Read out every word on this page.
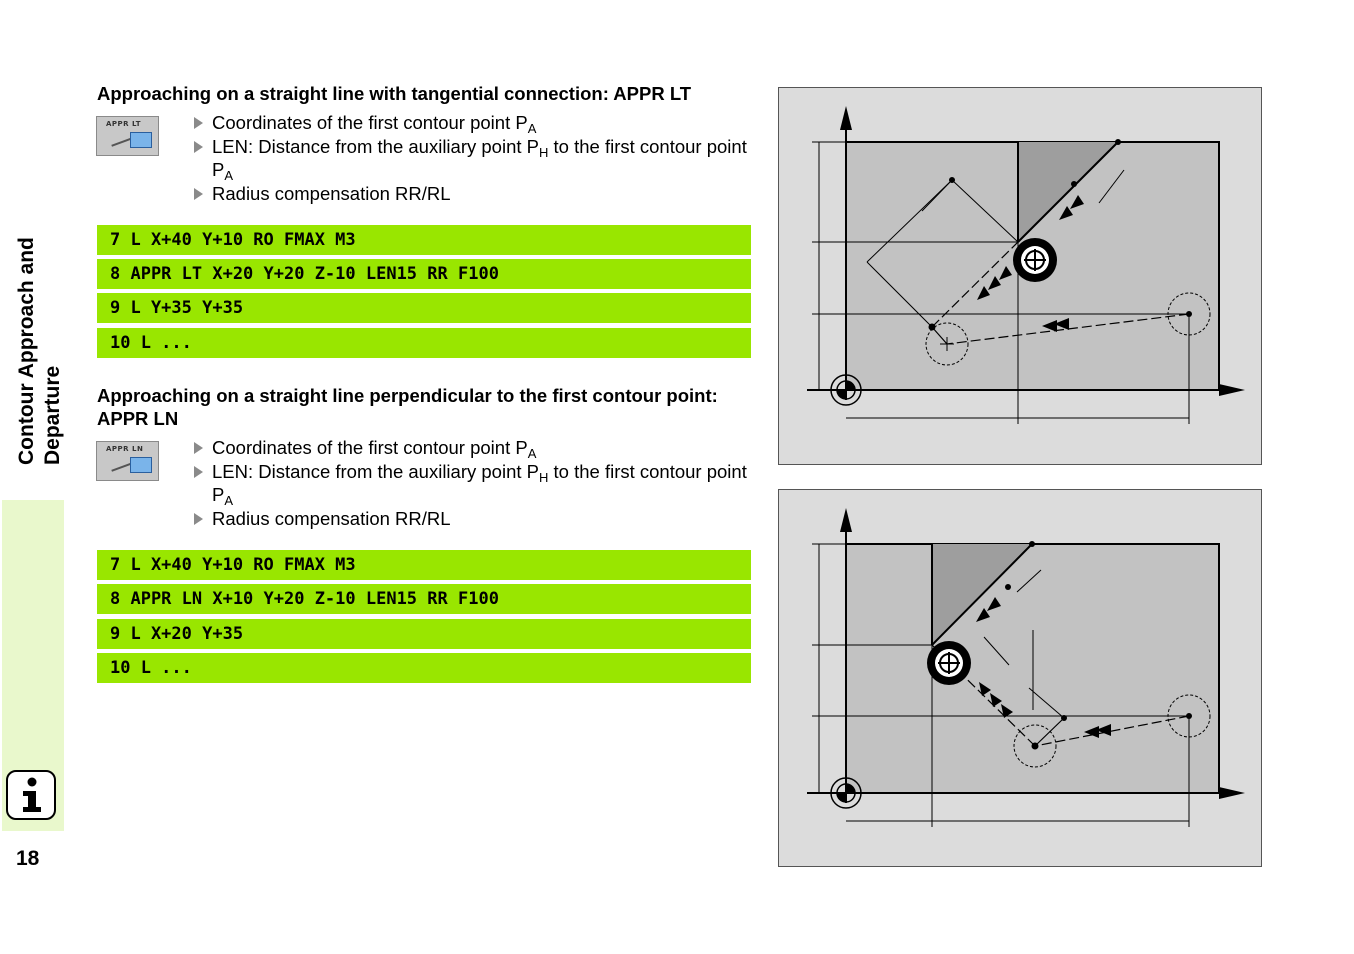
Contour Approach and Departure
18
Approaching on a straight line with tangential connection: APPR LT
APPR LT	Coordinates of the first contour point $P_A$
LEN: Distance from the auxiliary point $P_H$ to the first contour point $P_A$
Radius compensation RR/RL
7 L X+40 Y+10 RO FMAX M3
8 APPR LT X+20 Y+20 Z-10 LEN15 RR F100
9 L Y+35 Y+35
10 L ...
Approaching on a straight line perpendicular to the first contour point: APPR LN
APPR LN	Coordinates of the first contour point $P_A$
LEN: Distance from the auxiliary point $P_H$ to the first contour point $P_A$
Radius compensation RR/RL
7 L X+40 Y+10 RO FMAX M3
8 APPR LN X+10 Y+20 Z-10 LEN15 RR F100
9 L X+20 Y+35
10 L ...
